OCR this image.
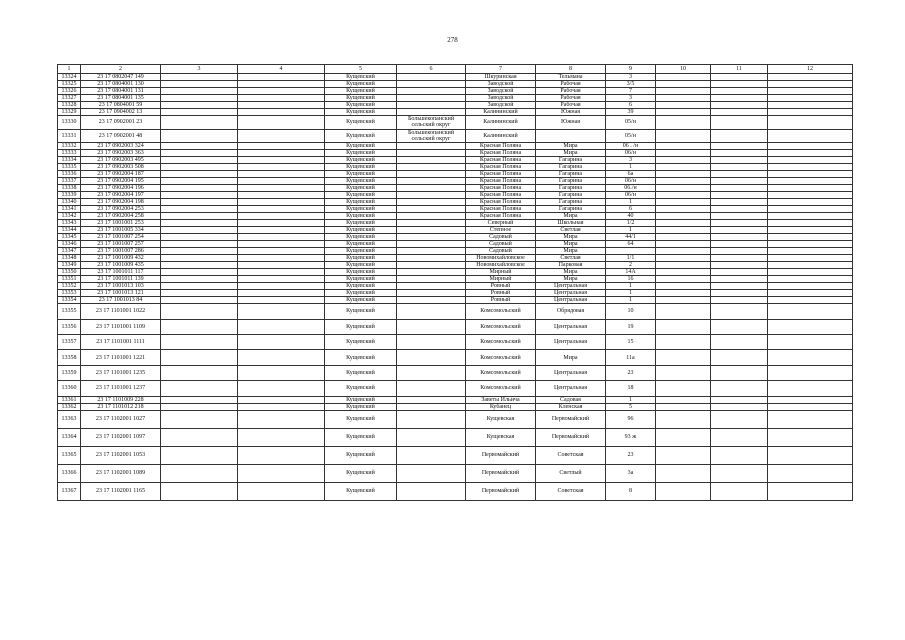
278
1	2	3	4	5	6	7	8	9	10	11	12
13324	23 17 0802047 149			Кущевский		Шкуринская	Тельмана	3			
13325	23 17 0804001 130			Кущевский		Заводской	Рабочая	3/5			
13326	23 17 0804001 131			Кущевский		Заводской	Рабочая	7			
13327	23 17 0804001 135			Кущевский		Заводской	Рабочая	3			
13328	23 17 0804001 59			Кущевский		Заводской	Рабочая	6			
13329	23 17 0904002 13			Кущевский		Калининский	Южная	39			
13330	23 17 0902001 23			Кущевский	Большекопанский сельский округ	Калининский	Южная	05/н			
13331	23 17 0902001 48			Кущевский	Большекопанский сельский округ	Калининский		05/н			
13332	23 17 0902003 324			Кущевский		Красная Поляна	Мира	06 . /н			
13333	23 17 0902003 363			Кущевский		Красная Поляна	Мира	06/н			
13334	23 17 0902003 495			Кущевский		Красная Поляна	Гагарина	3			
13335	23 17 0902003 508			Кущевский		Красная Поляна	Гагарина	1			
13336	23 17 0902004 187			Кущевский		Красная Поляна	Гагарина	6а			
13337	23 17 0902004 195			Кущевский		Красная Поляна	Гагарина	06/н			
13338	23 17 0902004 196			Кущевский		Красная Поляна	Гагарина	06./н			
13339	23 17 0902004 197			Кущевский		Красная Поляна	Гагарина	06/н			
13340	23 17 0902004 198			Кущевский		Красная Поляна	Гагарина	1			
13341	23 17 0902004 253			Кущевский		Красная Поляна	Гагарина	6			
13342	23 17 0902004 258			Кущевский		Красная Поляна	Мира	40			
13343	23 17 1001001 253			Кущевский		Северный	Школьная	1/2			
13344	23 17 1001005 334			Кущевский		Степное	Светлая	1			
13345	23 17 1001007 254			Кущевский		Садовый	Мира	44/1			
13346	23 17 1001007 257			Кущевский		Садовый	Мира	64			
13347	23 17 1001007 286			Кущевский		Садовый	Мира				
13348	23 17 1001009 432			Кущевский		Новомихайловское	Светлая	1/1			
13349	23 17 1001009 435			Кущевский		Новомихайловское	Парковая	2			
13350	23 17 1001011 117			Кущевский		Мирный	Мира	14А			
13351	23 17 1001011 139			Кущевский		Мирный	Мира	16			
13352	23 17 1001013 103			Кущевский		Ровный	Центральная	1			
13353	23 17 1001013 121			Кущевский		Ровный	Центральная	1			
13354	23 17 1001013 84			Кущевский		Ровный	Центральная	1			
13355	23 17 1101001 1022			Кущевский		Комсомольский	Обрядовая	10			
13356	23 17 1101001 1109			Кущевский		Комсомольский	Центральная	19			
13357	23 17 1101001 1111			Кущевский		Комсомольский	Центральная	15			
13358	23 17 1101001 1221			Кущевский		Комсомольский	Мира	11а			
13359	23 17 1101001 1235			Кущевский		Комсомольский	Центральная	23			
13360	23 17 1101001 1237			Кущевский		Комсомольский	Центральная	18			
13361	23 17 1101009 228			Кущевский		Заветы Ильича	Садовая	1			
13362	23 17 1101012 218			Кущевский		Кубанец	Кленская	5			
13363	23 17 1102001 1027			Кущевский		Кущевская	Первомайский	96			
13364	23 17 1102001 1097			Кущевский		Кущевская	Первомайский	93 ж			
13365	23 17 1102001 1053			Кущевский		Первомайский	Советская	23			
13366	23 17 1102001 1089			Кущевский		Первомайский	Светлый	3а			
13367	23 17 1102001 1165			Кущевский		Первомайский	Советская	8			
